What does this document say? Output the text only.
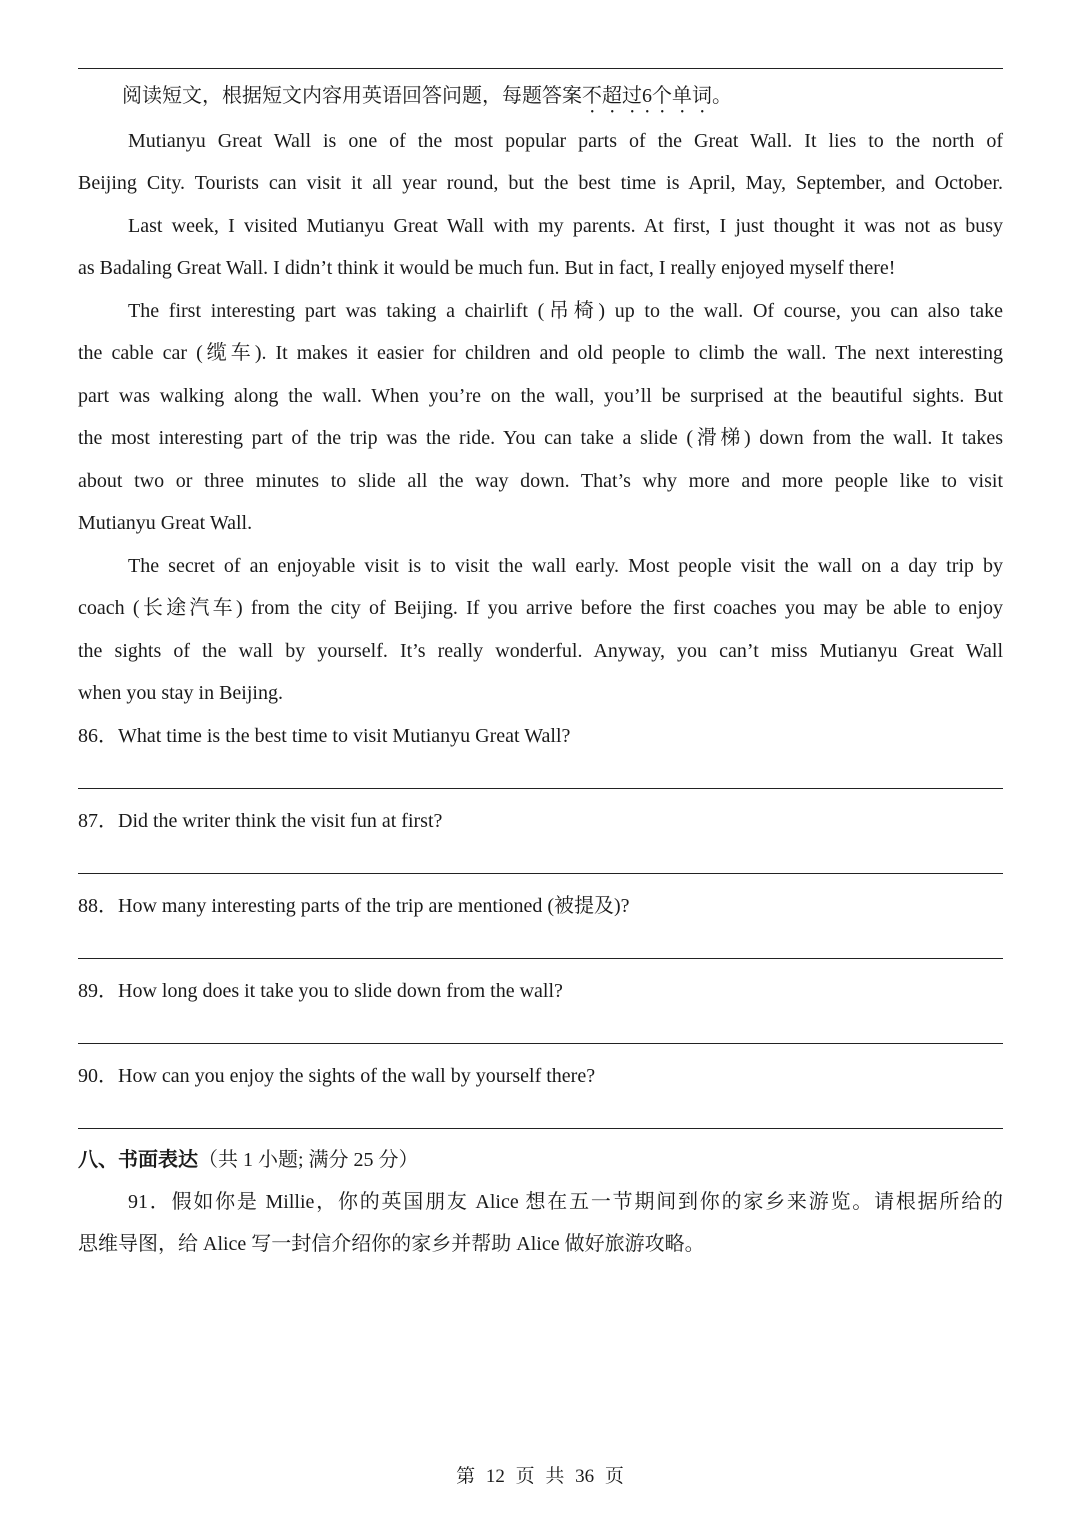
阅读短文，根据短文内容用英语回答问题，每题答案不超过6个单词。
Mutianyu Great Wall is one of the most popular parts of the Great Wall. It lies to the north of
Beijing City. Tourists can visit it all year round, but the best time is April, May, September, and October.
Last week, I visited Mutianyu Great Wall with my parents. At first, I just thought it was not as busy
as Badaling Great Wall. I didn’t think it would be much fun. But in fact, I really enjoyed myself there!
The first interesting part was taking a chairlift (吊椅) up to the wall. Of course, you can also take
the cable car (缆车). It makes it easier for children and old people to climb the wall. The next interesting
part was walking along the wall. When you’re on the wall, you’ll be surprised at the beautiful sights. But
the most interesting part of the trip was the ride. You can take a slide (滑梯) down from the wall. It takes
about two or three minutes to slide all the way down. That’s why more and more people like to visit
Mutianyu Great Wall.
The secret of an enjoyable visit is to visit the wall early. Most people visit the wall on a day trip by
coach (长途汽车) from the city of Beijing. If you arrive before the first coaches you may be able to enjoy
the sights of the wall by yourself. It’s really wonderful. Anyway, you can’t miss Mutianyu Great Wall
when you stay in Beijing.
86．What time is the best time to visit Mutianyu Great Wall?
87．Did the writer think the visit fun at first?
88．How many interesting parts of the trip are mentioned (被提及)?
89．How long does it take you to slide down from the wall?
90．How can you enjoy the sights of the wall by yourself there?
八、书面表达（共 1 小题; 满分 25 分）
91．假如你是 Millie，你的英国朋友 Alice 想在五一节期间到你的家乡来游览。请根据所给的
思维导图，给 Alice 写一封信介绍你的家乡并帮助 Alice 做好旅游攻略。
第 12 页 共 36 页
